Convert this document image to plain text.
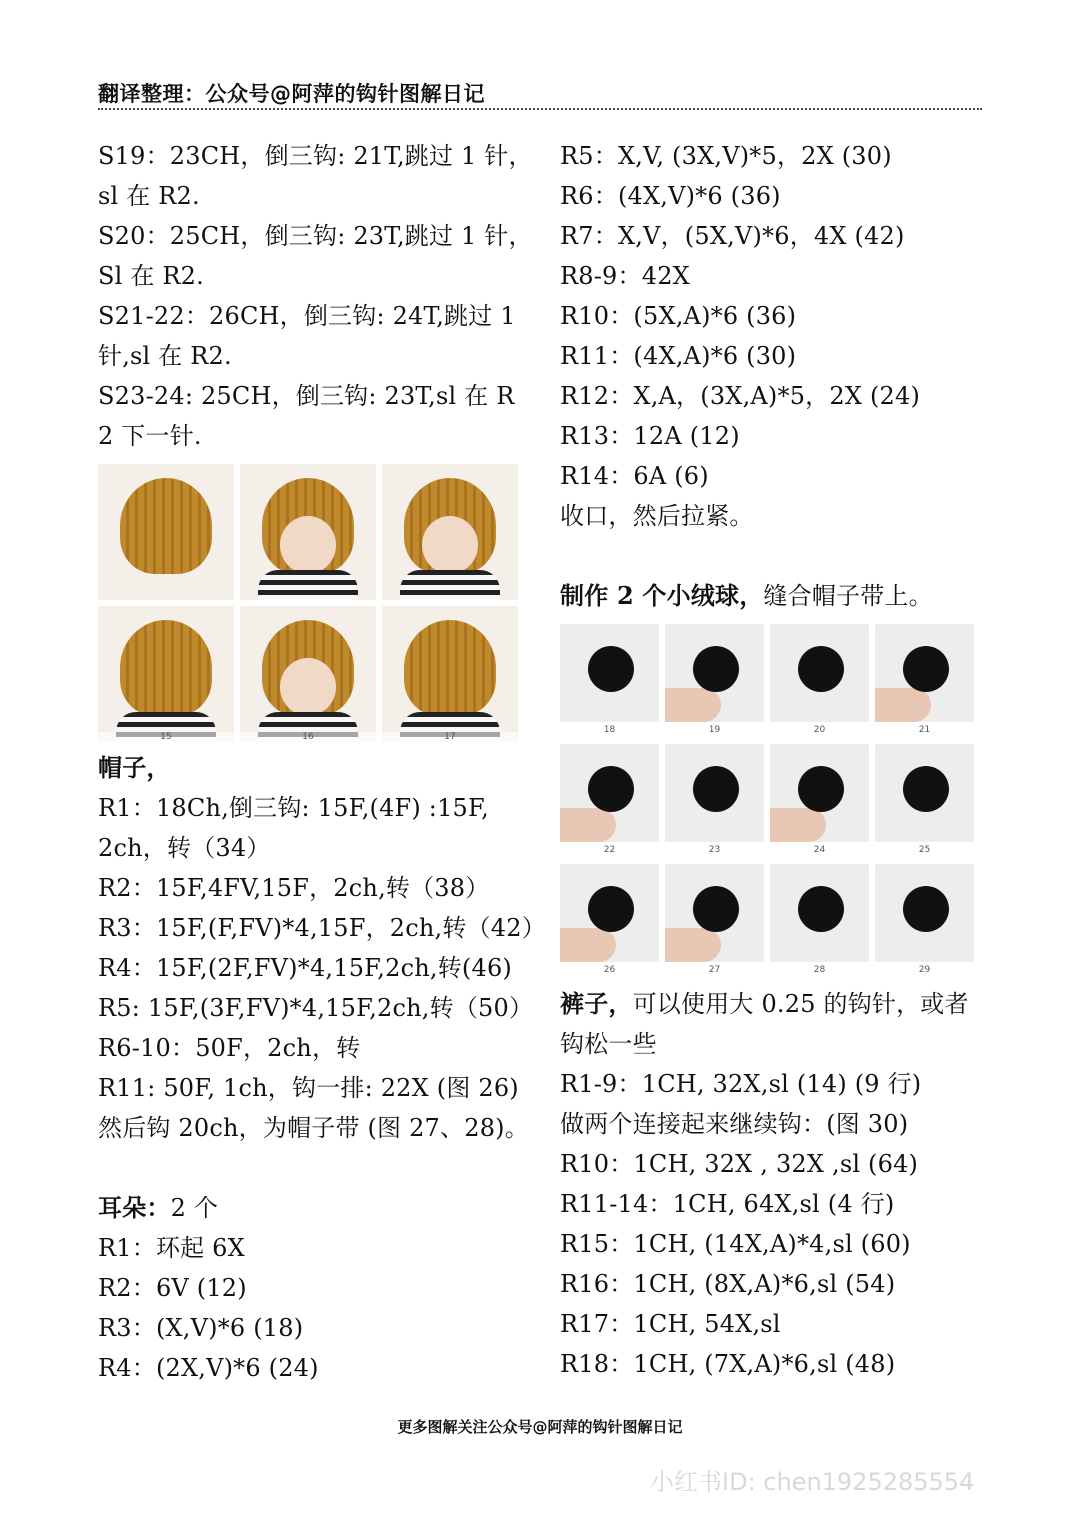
翻译整理：公众号@阿萍的钩针图解日记
S19：23CH，倒三钩: 21T,跳过 1 针，
sl 在 R2.
S20：25CH，倒三钩: 23T,跳过 1 针，
Sl 在 R2.
S21-22：26CH，倒三钩: 24T,跳过 1
针,sl 在 R2.
S23-24: 25CH，倒三钩: 23T,sl 在 R
2 下一针.
15	16	17
帽子，
R1：18Ch,倒三钩: 15F,(4F) :15F,
2ch，转（34）
R2：15F,4FV,15F，2ch,转（38）
R3：15F,(F,FV)*4,15F，2ch,转（42）
R4：15F,(2F,FV)*4,15F,2ch,转(46)
R5: 15F,(3F,FV)*4,15F,2ch,转（50）
R6-10：50F，2ch，转
R11: 50F, 1ch，钩一排: 22X (图 26)
然后钩 20ch，为帽子带 (图 27、28)。
耳朵：2 个
R1：环起 6X
R2：6V (12)
R3：(X,V)*6 (18)
R4：(2X,V)*6 (24)
R5：X,V, (3X,V)*5，2X (30)
R6：(4X,V)*6 (36)
R7：X,V，(5X,V)*6，4X (42)
R8-9：42X
R10：(5X,A)*6 (36)
R11：(4X,A)*6 (30)
R12：X,A，(3X,A)*5，2X (24)
R13：12A (12)
R14：6A (6)
收口，然后拉紧。
制作 2 个小绒球，缝合帽子带上。
18	19	20	21
22	23	24	25
26	27	28	29
裤子，可以使用大 0.25 的钩针，或者
钩松一些
R1-9：1CH, 32X,sl (14) (9 行)
做两个连接起来继续钩：(图 30)
R10：1CH, 32X , 32X ,sl (64)
R11-14：1CH, 64X,sl (4 行)
R15：1CH, (14X,A)*4,sl (60)
R16：1CH, (8X,A)*6,sl (54)
R17：1CH, 54X,sl
R18：1CH, (7X,A)*6,sl (48)
更多图解关注公众号@阿萍的钩针图解日记
小红书ID: chen1925285554
